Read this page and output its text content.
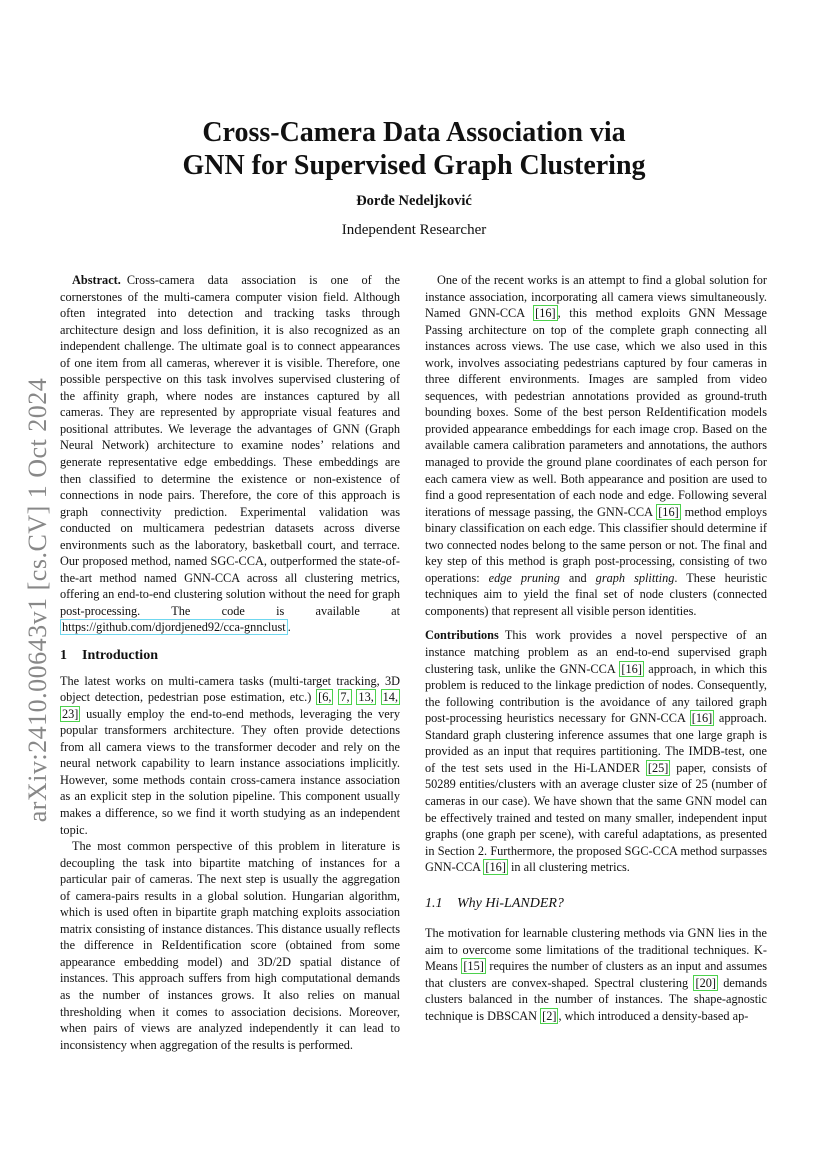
arXiv:2410.00643v1 [cs.CV] 1 Oct 2024
Cross-Camera Data Association via
GNN for Supervised Graph Clustering
Đorđe Nedeljković
Independent Researcher

Abstract. Cross-camera data association is one of the cornerstones of the multi-camera computer vision field. Although often integrated into detection and tracking tasks through architecture design and loss definition, it is also recognized as an independent challenge. The ultimate goal is to connect appearances of one item from all cameras, wherever it is visible. Therefore, one possible perspective on this task involves supervised clustering of the affinity graph, where nodes are instances captured by all cameras. They are represented by appropriate visual features and positional attributes. We leverage the advantages of GNN (Graph Neural Network) architecture to examine nodes’ relations and generate representative edge embeddings. These embeddings are then classified to determine the existence or non-existence of connections in node pairs. Therefore, the core of this approach is graph connectivity prediction. Experimental validation was conducted on multicamera pedestrian datasets across diverse environments such as the laboratory, basketball court, and terrace. Our proposed method, named SGC-CCA, outperformed the state-of-the-art method named GNN-CCA across all clustering metrics, offering an end-to-end clustering solution without the need for graph post-processing. The code is available at https://github.com/djordjened92/cca-gnnclust .

1 Introduction

The latest works on multi-camera tasks (multi-target tracking, 3D object detection, pedestrian pose estimation, etc.) [6, 7, 13, 14, 23] usually employ the end-to-end methods, leveraging the very popular transformers architecture. They often provide detections from all camera views to the transformer decoder and rely on the neural network capability to learn instance associations implicitly. However, some methods contain cross-camera instance association as an explicit step in the solution pipeline. This component usually makes a difference, so we find it worth studying as an independent topic.

The most common perspective of this problem in literature is decoupling the task into bipartite matching of instances for a particular pair of cameras. The next step is usually the aggregation of camera-pairs results in a global solution. Hungarian algorithm, which is used often in bipartite graph matching exploits association matrix consisting of instance distances. This distance usually reflects the difference in ReIdentification score (obtained from some appearance embedding model) and 3D/2D spatial distance of instances. This approach suffers from high computational demands as the number of instances grows. It also relies on manual thresholding when it comes to association decisions. Moreover, when pairs of views are analyzed independently it can lead to inconsistency when aggregation of the results is performed.

One of the recent works is an attempt to find a global solution for instance association, incorporating all camera views simultaneously. Named GNN-CCA [16] , this method exploits GNN Message Passing architecture on top of the complete graph connecting all instances across views. The use case, which we also used in this work, involves associating pedestrians captured by four cameras in three different environments. Images are sampled from video sequences, with pedestrian annotations provided as ground-truth bounding boxes. Some of the best person ReIdentification models provided appearance embeddings for each image crop. Based on the available camera calibration parameters and annotations, the authors managed to provide the ground plane coordinates of each person for each camera view as well. Both appearance and position are used to find a good representation of each node and edge. Following several iterations of message passing, the GNN-CCA [16] method employs binary classification on each edge. This classifier should determine if two connected nodes belong to the same person or not. The final and key step of this method is graph post-processing, consisting of two operations: edge pruning and graph splitting. These heuristic techniques aim to yield the final set of node clusters (connected components) that represent all visible person identities.

Contributions This work provides a novel perspective of an instance matching problem as an end-to-end supervised graph clustering task, unlike the GNN-CCA [16] approach, in which this problem is reduced to the linkage prediction of nodes. Consequently, the following contribution is the avoidance of any tailored graph post-processing heuristics necessary for GNN-CCA [16] approach. Standard graph clustering inference assumes that one large graph is provided as an input that requires partitioning. The IMDB-test, one of the test sets used in the Hi-LANDER [25] paper, consists of 50289 entities/clusters with an average cluster size of 25 (number of cameras in our case). We have shown that the same GNN model can be effectively trained and tested on many smaller, independent input graphs (one graph per scene), with careful adaptations, as presented in Section 2. Furthermore, the proposed SGC-CCA method surpasses GNN-CCA [16] in all clustering metrics.

1.1 Why Hi-LANDER?

The motivation for learnable clustering methods via GNN lies in the aim to overcome some limitations of the traditional techniques. K-Means [15] requires the number of clusters as an input and assumes that clusters are convex-shaped. Spectral clustering [20] demands clusters balanced in the number of instances. The shape-agnostic technique is DBSCAN [2] , which introduced a density-based ap-
